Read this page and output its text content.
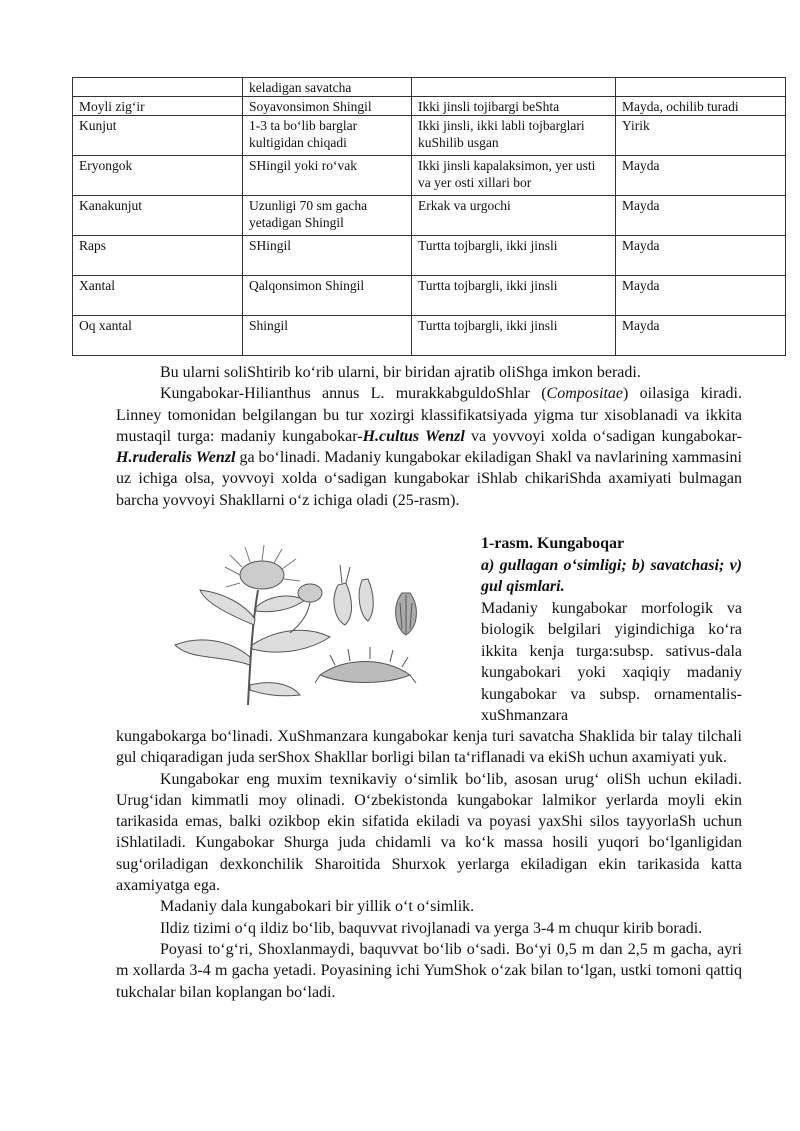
	keladigan savatcha		
Moyli zig‘ir	Soyavonsimon Shingil	Ikki jinsli tojibargi beShta	Mayda, ochilib turadi
Kunjut	1-3 ta bo‘lib barglar kultigidan chiqadi	Ikki jinsli, ikki labli tojbarglari kuShilib usgan	Yirik
Eryongok	SHingil yoki ro‘vak	Ikki jinsli kapalaksimon, yer usti va yer osti xillari bor	Mayda
Kanakunjut	Uzunligi 70 sm gacha yetadigan Shingil	Erkak va urgochi	Mayda
Raps	SHingil	Turtta tojbargli, ikki jinsli	Mayda
Xantal	Qalqonsimon Shingil	Turtta tojbargli, ikki jinsli	Mayda
Oq xantal	Shingil	Turtta tojbargli, ikki jinsli	Mayda

Bu ularni soliShtirib ko‘rib ularni, bir biridan ajratib oliShga imkon beradi.

Kungabokar-Hilianthus annus L. murakkabguldoShlar (Compositae) oilasiga kiradi. Linney tomonidan belgilangan bu tur xozirgi klassifikatsiyada yigma tur xisoblanadi va ikkita mustaqil turga: madaniy kungabokar-H.cultus Wenzl va yovvoyi xolda o‘sadigan kungabokar-H.ruderalis Wenzl ga bo‘linadi. Madaniy kungabokar ekiladigan Shakl va navlarining xammasini uz ichiga olsa, yovvoyi xolda o‘sadigan kungabokar iShlab chikariShda axamiyati bulmagan barcha yovvoyi Shakllarni o‘z ichiga oladi (25-rasm).

1-rasm. Kungaboqar
a) gullagan o‘simligi; b) savatchasi; v) gul qismlari.
Madaniy kungabokar morfologik va biologik belgilari yigindichiga ko‘ra ikkita kenja turga:subsp. sativus-dala kungabokari yoki xaqiqiy madaniy kungabokar va subsp. ornamentalis-xuShmanzara

kungabokarga bo‘linadi. XuShmanzara kungabokar kenja turi savatcha Shaklida bir talay tilchali gul chiqaradigan juda serShox Shakllar borligi bilan ta‘riflanadi va ekiSh uchun axamiyati yuk.

Kungabokar eng muxim texnikaviy o‘simlik bo‘lib, asosan urug‘ oliSh uchun ekiladi. Urug‘idan kimmatli moy olinadi. O‘zbekistonda kungabokar lalmikor yerlarda moyli ekin tarikasida emas, balki ozikbop ekin sifatida ekiladi va poyasi yaxShi silos tayyorlaSh uchun iShlatiladi. Kungabokar Shurga juda chidamli va ko‘k massa hosili yuqori bo‘lganligidan sug‘oriladigan dexkonchilik Sharoitida Shurxok yerlarga ekiladigan ekin tarikasida katta axamiyatga ega.

Madaniy dala kungabokari bir yillik o‘t o‘simlik.

Ildiz tizimi o‘q ildiz bo‘lib, baquvvat rivojlanadi va yerga 3-4 m chuqur kirib boradi.

Poyasi to‘g‘ri, Shoxlanmaydi, baquvvat bo‘lib o‘sadi. Bo‘yi 0,5 m dan 2,5 m gacha, ayri m xollarda 3-4 m gacha yetadi. Poyasining ichi YumShok o‘zak bilan to‘lgan, ustki tomoni qattiq tukchalar bilan koplangan bo‘ladi.
